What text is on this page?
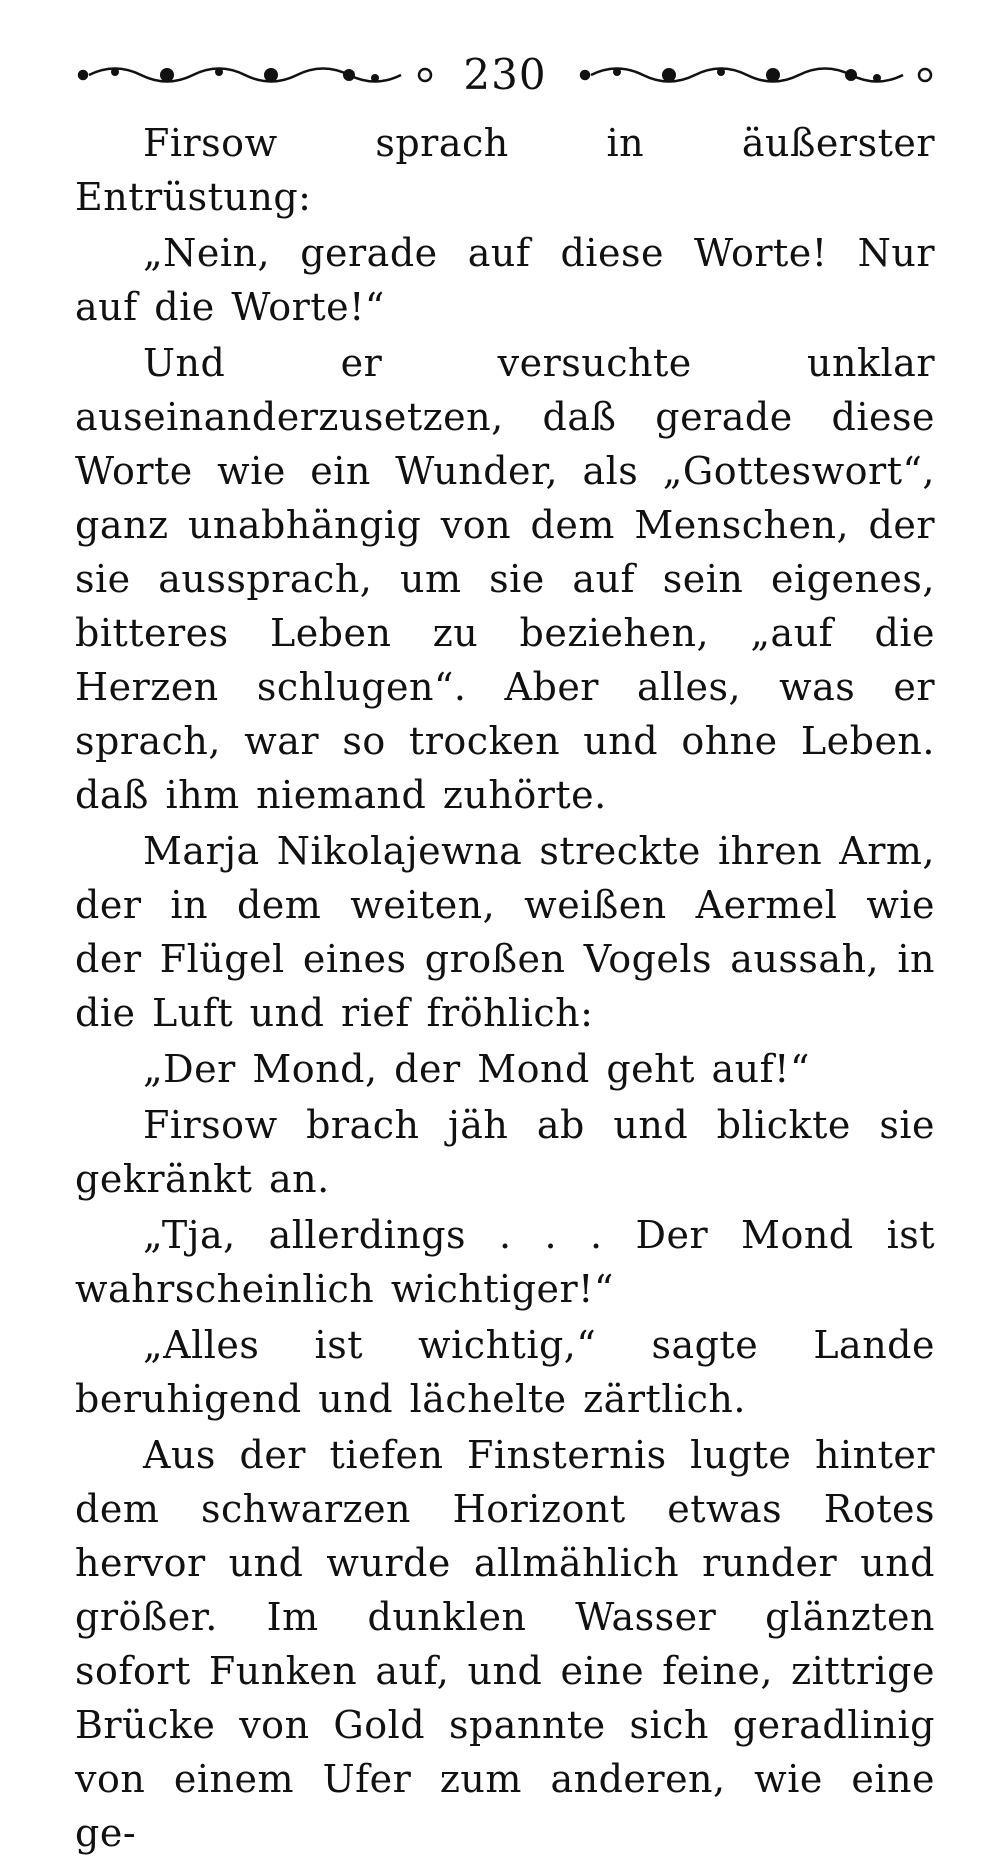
230

Firsow sprach in äußerster Entrüstung:

„Nein, gerade auf diese Worte! Nur auf die Worte!“

Und er versuchte unklar auseinanderzusetzen, daß gerade diese Worte wie ein Wunder, als „Gotteswort“, ganz unabhängig von dem Menschen, der sie aussprach, um sie auf sein eigenes, bitteres Leben zu beziehen, „auf die Herzen schlugen“. Aber alles, was er sprach, war so trocken und ohne Leben. daß ihm niemand zuhörte.

Marja Nikolajewna streckte ihren Arm, der in dem weiten, weißen Aermel wie der Flügel eines großen Vogels aussah, in die Luft und rief fröhlich:

„Der Mond, der Mond geht auf!“

Firsow brach jäh ab und blickte sie gekränkt an.

„Tja, allerdings . . . Der Mond ist wahrscheinlich wichtiger!“

„Alles ist wichtig,“ sagte Lande beruhigend und lächelte zärtlich.

Aus der tiefen Finsternis lugte hinter dem schwarzen Horizont etwas Rotes hervor und wurde allmählich runder und größer. Im dunklen Wasser glänzten sofort Funken auf, und eine feine, zittrige Brücke von Gold spannte sich geradlinig von einem Ufer zum anderen, wie eine ge-
